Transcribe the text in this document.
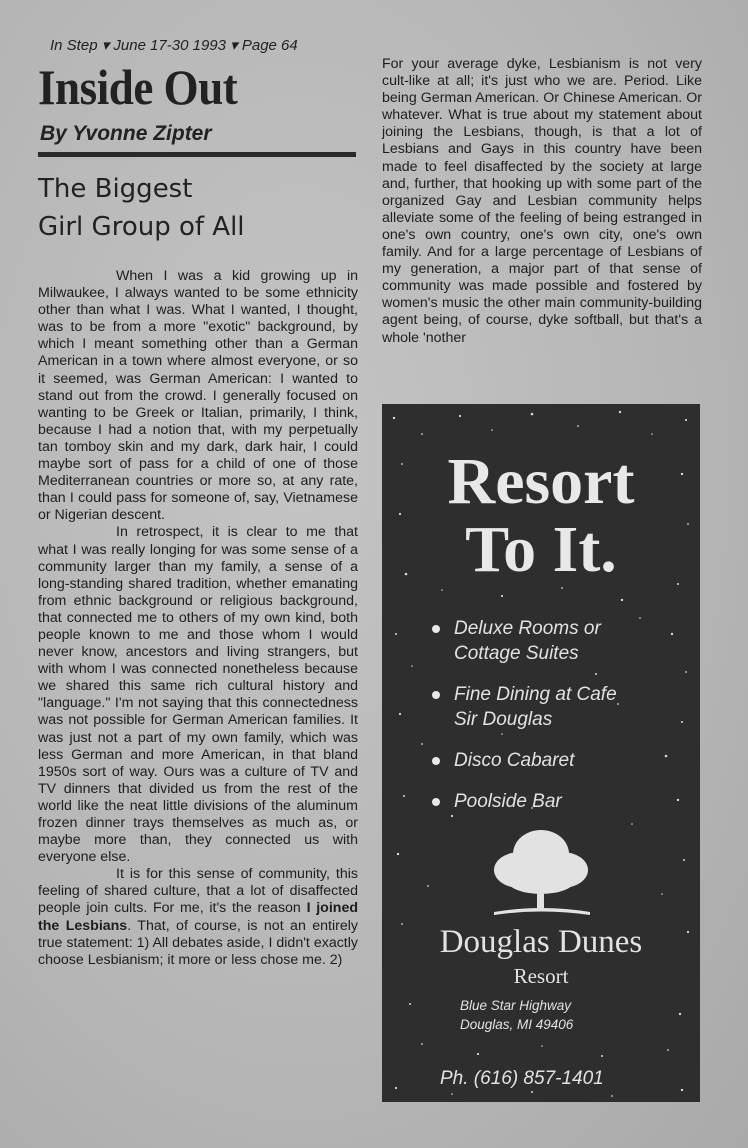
In Step ▾ June 17-30 1993 ▾ Page 64
Inside Out
By Yvonne Zipter
The Biggest
Girl Group of All

When I was a kid growing up in Milwaukee, I always wanted to be some ethnicity other than what I was. What I wanted, I thought, was to be from a more "exotic" background, by which I meant something other than a German American in a town where almost everyone, or so it seemed, was German American: I wanted to stand out from the crowd. I generally focused on wanting to be Greek or Italian, primarily, I think, because I had a notion that, with my perpetually tan tomboy skin and my dark, dark hair, I could maybe sort of pass for a child of one of those Mediterranean countries or more so, at any rate, than I could pass for someone of, say, Vietnamese or Nigerian descent.

In retrospect, it is clear to me that what I was really longing for was some sense of a community larger than my family, a sense of a long-standing shared tradition, whether emanating from ethnic background or religious background, that connected me to others of my own kind, both people known to me and those whom I would never know, ancestors and living strangers, but with whom I was connected nonetheless because we shared this same rich cultural history and "language." I'm not saying that this connectedness was not possible for German American families. It was just not a part of my own family, which was less German and more American, in that bland 1950s sort of way. Ours was a culture of TV and TV dinners that divided us from the rest of the world like the neat little divisions of the aluminum frozen dinner trays themselves as much as, or maybe more than, they connected us with everyone else.

It is for this sense of community, this feeling of shared culture, that a lot of disaffected people join cults. For me, it's the reason I joined the Lesbians. That, of course, is not an entirely true statement: 1) All debates aside, I didn't exactly choose Lesbianism; it more or less chose me. 2)

For your average dyke, Lesbianism is not very cult-like at all; it's just who we are. Period. Like being German American. Or Chinese American. Or whatever. What is true about my statement about joining the Lesbians, though, is that a lot of Lesbians and Gays in this country have been made to feel disaffected by the society at large and, further, that hooking up with some part of the organized Gay and Lesbian community helps alleviate some of the feeling of being estranged in one's own country, one's own city, one's own family. And for a large percentage of Lesbians of my generation, a major part of that sense of community was made possible and fostered by women's music the other main community-building agent being, of course, dyke softball, but that's a whole 'nother

Resort
To It.
Deluxe Rooms or
Cottage Suites
Fine Dining at Cafe
Sir Douglas
Disco Cabaret
Poolside Bar
Douglas Dunes
Resort
Blue Star Highway
Douglas, MI 49406
Ph. (616) 857-1401
